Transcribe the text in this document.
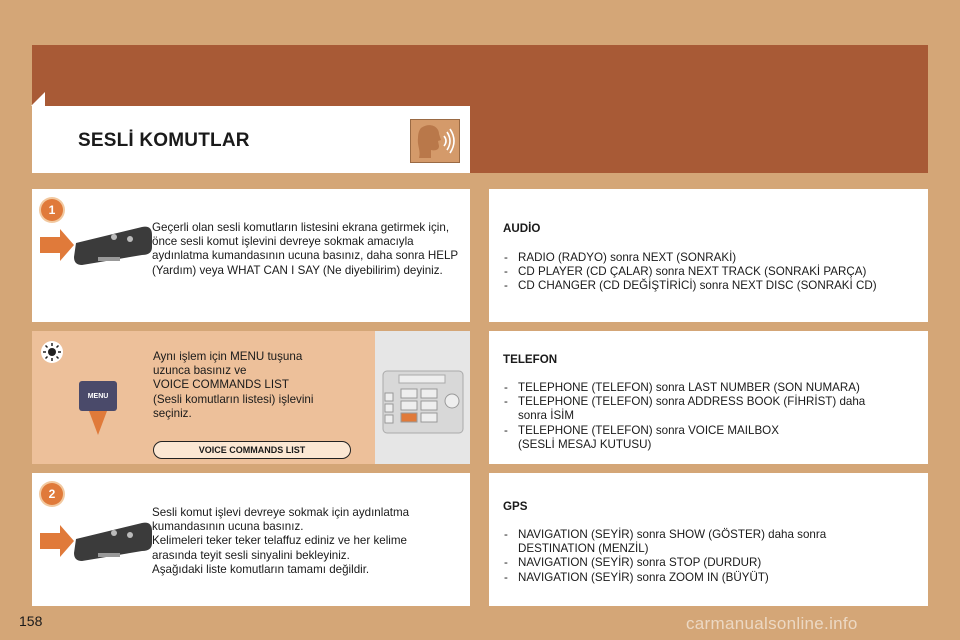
SESLİ KOMUTLAR
1
Geçerli olan sesli komutların listesini ekrana getirmek için, önce sesli komut işlevini devreye sokmak amacıyla aydınlatma kumandasının ucuna basınız, daha sonra HELP (Yardım) veya WHAT CAN I SAY (Ne diyebilirim) deyiniz.
MENU
Aynı işlem için MENU tuşuna
uzunca basınız ve
VOICE COMMANDS LIST
(Sesli komutların listesi) işlevini
seçiniz.
VOICE COMMANDS LIST
2
Sesli komut işlevi devreye sokmak için aydınlatma
kumandasının ucuna basınız.
Kelimeleri teker teker telaffuz ediniz ve her kelime
arasında teyit sesli sinyalini bekleyiniz.
Aşağıdaki liste komutların tamamı değildir.
AUDİO
- RADIO (RADYO) sonra NEXT (SONRAKİ)
- CD PLAYER (CD ÇALAR) sonra NEXT TRACK (SONRAKİ PARÇA)
- CD CHANGER (CD DEĞİŞTİRİCİ) sonra NEXT DISC (SONRAKİ CD)
TELEFON
- TELEPHONE (TELEFON) sonra LAST NUMBER (SON NUMARA)
- TELEPHONE (TELEFON) sonra ADDRESS BOOK (FİHRİST) daha
sonra İSİM
- TELEPHONE (TELEFON) sonra VOICE MAILBOX
(SESLİ MESAJ KUTUSU)
GPS
- NAVIGATION (SEYİR) sonra SHOW (GÖSTER) daha sonra
DESTINATION (MENZİL)
- NAVIGATION (SEYİR) sonra STOP (DURDUR)
- NAVIGATION (SEYİR) sonra ZOOM IN (BÜYÜT)
158	carmanualsonline.info
